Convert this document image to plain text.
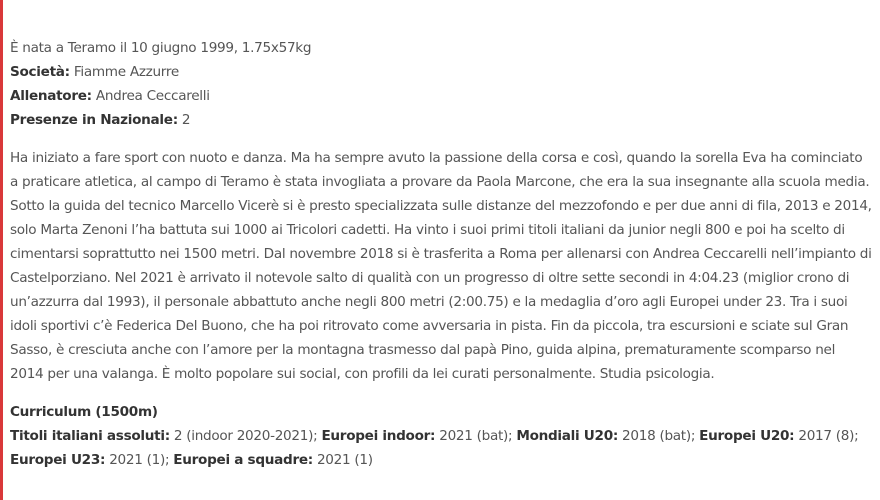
È nata a Teramo il 10 giugno 1999, 1.75x57kg

Società: Fiamme Azzurre

Allenatore: Andrea Ceccarelli

Presenze in Nazionale: 2

Ha iniziato a fare sport con nuoto e danza. Ma ha sempre avuto la passione della corsa e così, quando la sorella Eva ha cominciato a praticare atletica, al campo di Teramo è stata invogliata a provare da Paola Marcone, che era la sua insegnante alla scuola media. Sotto la guida del tecnico Marcello Vicerè si è presto specializzata sulle distanze del mezzofondo e per due anni di fila, 2013 e 2014, solo Marta Zenoni l’ha battuta sui 1000 ai Tricolori cadetti. Ha vinto i suoi primi titoli italiani da junior negli 800 e poi ha scelto di cimentarsi soprattutto nei 1500 metri. Dal novembre 2018 si è trasferita a Roma per allenarsi con Andrea Ceccarelli nell’impianto di Castelporziano. Nel 2021 è arrivato il notevole salto di qualità con un progresso di oltre sette secondi in 4:04.23 (miglior crono di un’azzurra dal 1993), il personale abbattuto anche negli 800 metri (2:00.75) e la medaglia d’oro agli Europei under 23. Tra i suoi idoli sportivi c’è Federica Del Buono, che ha poi ritrovato come avversaria in pista. Fin da piccola, tra escursioni e sciate sul Gran Sasso, è cresciuta anche con l’amore per la montagna trasmesso dal papà Pino, guida alpina, prematuramente scomparso nel 2014 per una valanga. È molto popolare sui social, con profili da lei curati personalmente. Studia psicologia.

Curriculum (1500m)

Titoli italiani assoluti: 2 (indoor 2020-2021); Europei indoor: 2021 (bat); Mondiali U20: 2018 (bat); Europei U20: 2017 (8); Europei U23: 2021 (1); Europei a squadre: 2021 (1)
